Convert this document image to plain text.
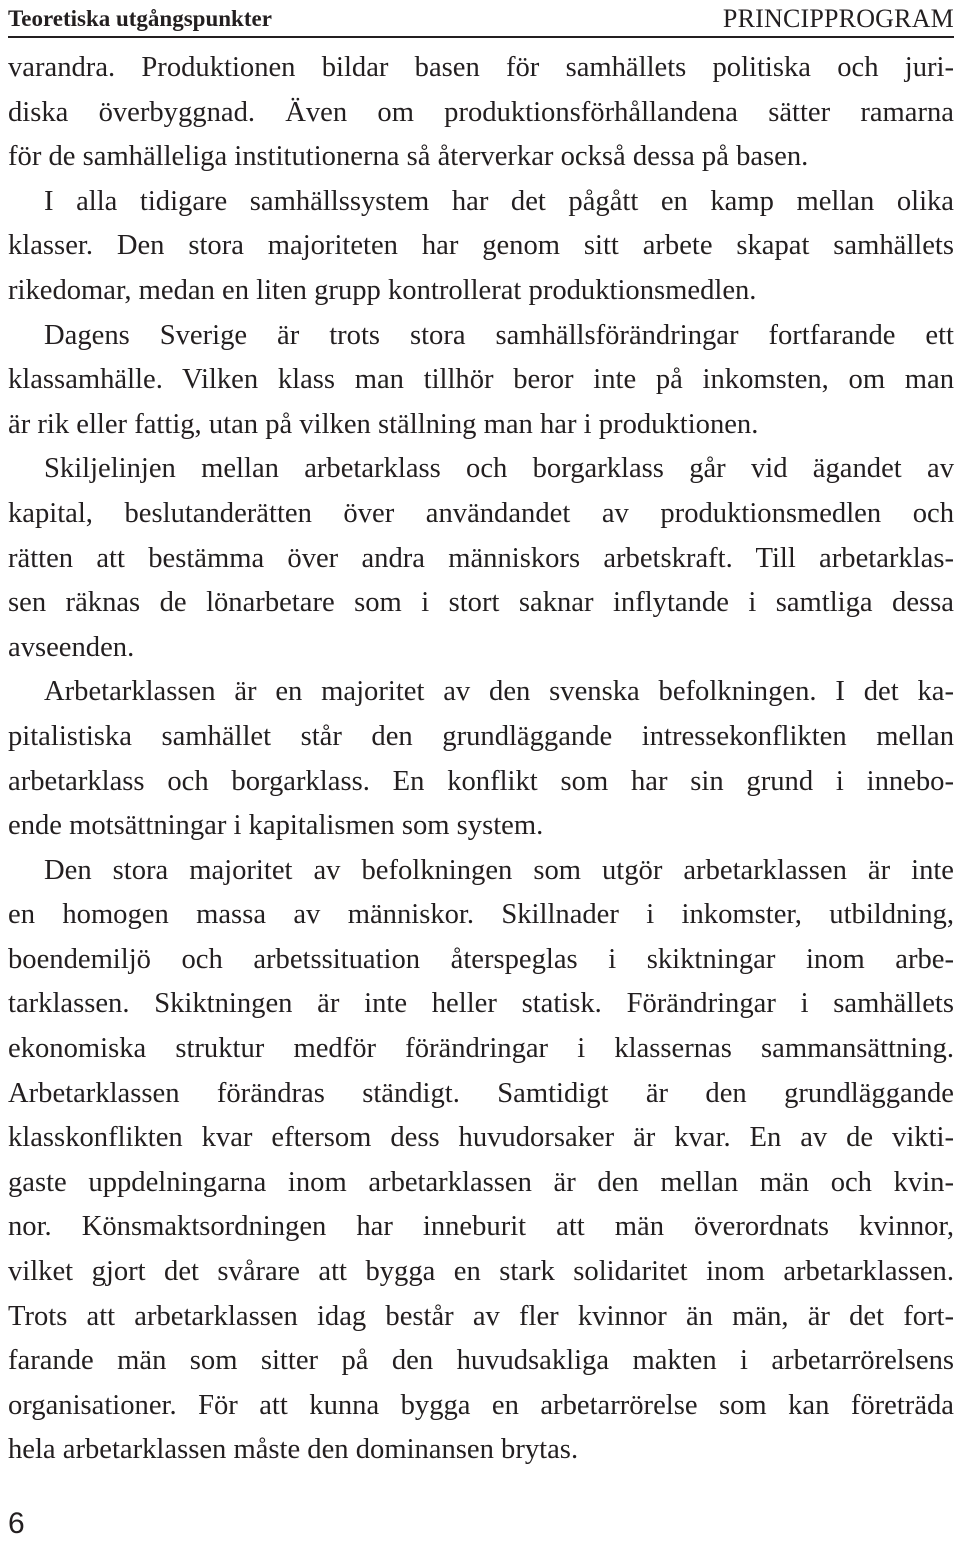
Teoretiska utgångspunkter	PRINCIPPROGRAM
varandra. Produktionen bildar basen för samhällets politiska och juri-
diska överbyggnad. Även om produktionsförhållandena sätter ramarna
för de samhälleliga institutionerna så återverkar också dessa på basen.
I alla tidigare samhällssystem har det pågått en kamp mellan olika
klasser. Den stora majoriteten har genom sitt arbete skapat samhällets
rikedomar, medan en liten grupp kontrollerat produktionsmedlen.
Dagens Sverige är trots stora samhällsförändringar fortfarande ett
klassamhälle. Vilken klass man tillhör beror inte på inkomsten, om man
är rik eller fattig, utan på vilken ställning man har i produktionen.
Skiljelinjen mellan arbetarklass och borgarklass går vid ägandet av
kapital, beslutanderätten över användandet av produktionsmedlen och
rätten att bestämma över andra människors arbetskraft. Till arbetarklas-
sen räknas de lönarbetare som i stort saknar inflytande i samtliga dessa
avseenden.
Arbetarklassen är en majoritet av den svenska befolkningen. I det ka-
pitalistiska samhället står den grundläggande intressekonflikten mellan
arbetarklass och borgarklass. En konflikt som har sin grund i innebo-
ende motsättningar i kapitalismen som system.
Den stora majoritet av befolkningen som utgör arbetarklassen är inte
en homogen massa av människor. Skillnader i inkomster, utbildning,
boendemiljö och arbetssituation återspeglas i skiktningar inom arbe-
tarklassen. Skiktningen är inte heller statisk. Förändringar i samhällets
ekonomiska struktur medför förändringar i klassernas sammansättning.
Arbetarklassen förändras ständigt. Samtidigt är den grundläggande
klasskonflikten kvar eftersom dess huvudorsaker är kvar. En av de vikti-
gaste uppdelningarna inom arbetarklassen är den mellan män och kvin-
nor. Könsmaktsordningen har inneburit att män överordnats kvinnor,
vilket gjort det svårare att bygga en stark solidaritet inom arbetarklassen.
Trots att arbetarklassen idag består av fler kvinnor än män, är det fort-
farande män som sitter på den huvudsakliga makten i arbetarrörelsens
organisationer. För att kunna bygga en arbetarrörelse som kan företräda
hela arbetarklassen måste den dominansen brytas.
6
